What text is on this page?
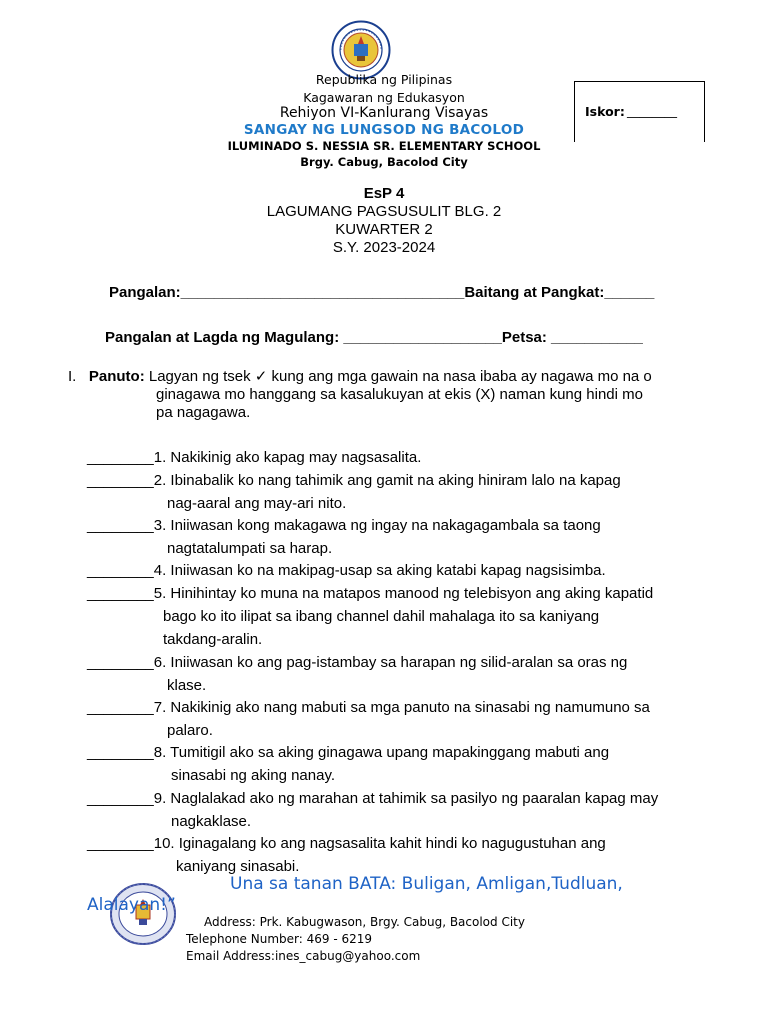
Republika ng Pilipinas
Kagawaran ng Edukasyon
Rehiyon VI-Kanlurang Visayas
SANGAY NG LUNGSOD NG BACOLOD
ILUMINADO S. NESSIA SR. ELEMENTARY SCHOOL
Brgy. Cabug, Bacolod City
Iskor: ________
EsP 4
LAGUMANG PAGSUSULIT BLG. 2
KUWARTER 2
S.Y. 2023-2024
Pangalan:__________________________________Baitang at Pangkat:______
Pangalan at Lagda ng Magulang: ___________________Petsa: ___________
I. Panuto: Lagyan ng tsek ✓ kung ang mga gawain na nasa ibaba ay nagawa mo na o
ginagawa mo hanggang sa kasalukuyan at ekis (X) naman kung hindi mo
pa nagagawa.
________1. Nakikinig ako kapag may nagsasalita.
________2. Ibinabalik ko nang tahimik ang gamit na aking hiniram lalo na kapag
nag-aaral ang may-ari nito.
________3. Iniiwasan kong makagawa ng ingay na nakagagambala sa taong
nagtatalumpati sa harap.
________4. Iniiwasan ko na makipag-usap sa aking katabi kapag nagsisimba.
________5. Hinihintay ko muna na matapos manood ng telebisyon ang aking kapatid
bago ko ito ilipat sa ibang channel dahil mahalaga ito sa kaniyang
takdang-aralin.
________6. Iniiwasan ko ang pag-istambay sa harapan ng silid-aralan sa oras ng
klase.
________7. Nakikinig ako nang mabuti sa mga panuto na sinasabi ng namumuno sa
palaro.
________8. Tumitigil ako sa aking ginagawa upang mapakinggang mabuti ang
sinasabi ng aking nanay.
________9. Naglalakad ako ng marahan at tahimik sa pasilyo ng paaralan kapag may
nagkaklase.
________10. Iginagalang ko ang nagsasalita kahit hindi ko nagugustuhan ang
kaniyang sinasabi.
Una sa tanan BATA: Buligan, Amligan,Tudluan,
Alalayan!”
Address: Prk. Kabugwason, Brgy. Cabug, Bacolod City
Telephone Number: 469 - 6219
Email Address:ines_cabug@yahoo.com
